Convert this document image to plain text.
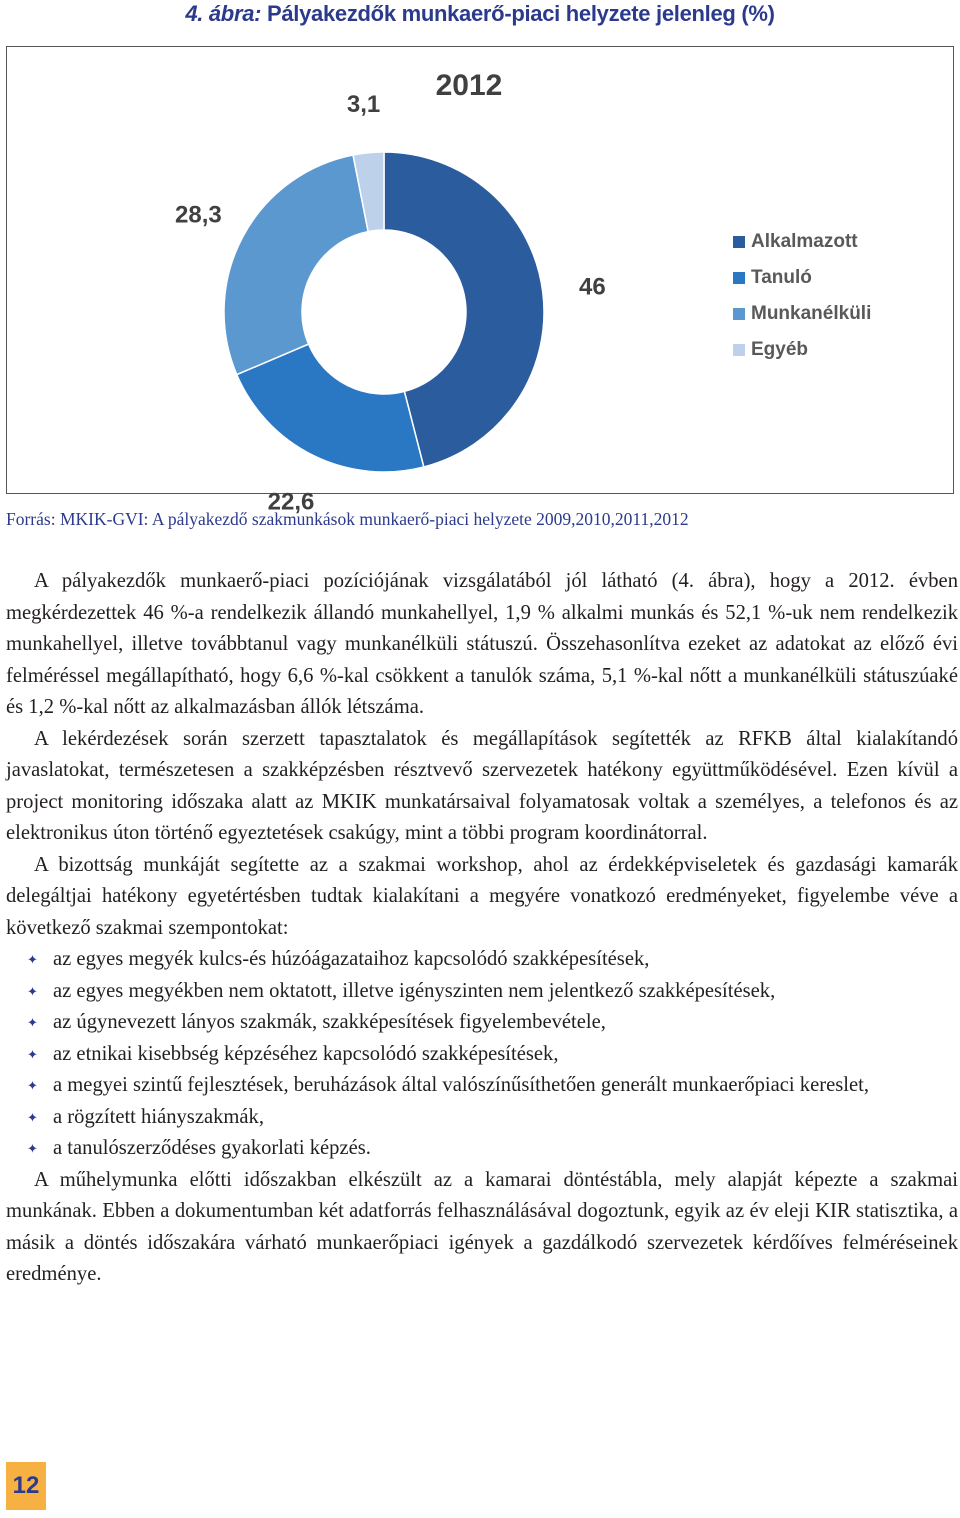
4. ábra: Pályakezdők munkaerő-piaci helyzete jelenleg (%)
2012
46
22,6
28,3
3,1
Alkalmazott
Tanuló
Munkanélküli
Egyéb
Forrás: MKIK-GVI: A pályakezdő szakmunkások munkaerő-piaci helyzete 2009,2010,2011,2012

A pályakezdők munkaerő-piaci pozíciójának vizsgálatából jól látható (4. ábra), hogy a 2012. évben megkérdezettek 46 %-a rendelkezik állandó munkahellyel, 1,9 % alkalmi munkás és 52,1 %-uk nem rendelkezik munkahellyel, illetve továbbtanul vagy munkanélküli státuszú. Összehasonlítva ezeket az adatokat az előző évi felméréssel megállapítható, hogy 6,6 %-kal csökkent a tanulók száma, 5,1 %-kal nőtt a munkanélküli státuszúaké és 1,2 %-kal nőtt az alkalmazásban állók létszáma.

A lekérdezések során szerzett tapasztalatok és megállapítások segítették az RFKB által kialakítandó javaslatokat, természetesen a szakképzésben résztvevő szervezetek hatékony együttműködésével. Ezen kívül a project monitoring időszaka alatt az MKIK munkatársaival folyamatosak voltak a személyes, a telefonos és az elektronikus úton történő egyeztetések csakúgy, mint a többi program koordinátorral.

A bizottság munkáját segítette az a szakmai workshop, ahol az érdekképviseletek és gazdasági kamarák delegáltjai hatékony egyetértésben tudtak kialakítani a megyére vonatkozó eredményeket, figyelembe véve a következő szakmai szempontokat:

✦ az egyes megyék kulcs-és húzóágazataihoz kapcsolódó szakképesítések,
✦ az egyes megyékben nem oktatott, illetve igényszinten nem jelentkező szakképesítések,
✦ az úgynevezett lányos szakmák, szakképesítések figyelembevétele,
✦ az etnikai kisebbség képzéséhez kapcsolódó szakképesítések,
✦ a megyei szintű fejlesztések, beruházások által valószínűsíthetően generált munkaerőpiaci kereslet,
✦ a rögzített hiányszakmák,
✦ a tanulószerződéses gyakorlati képzés.

A műhelymunka előtti időszakban elkészült az a kamarai döntéstábla, mely alapját képezte a szakmai munkának. Ebben a dokumentumban két adatforrás felhasználásával dogoztunk, egyik az év eleji KIR statisztika, a másik a döntés időszakára várható munkaerőpiaci igények a gazdálkodó szervezetek kérdőíves felméréseinek eredménye.

12
